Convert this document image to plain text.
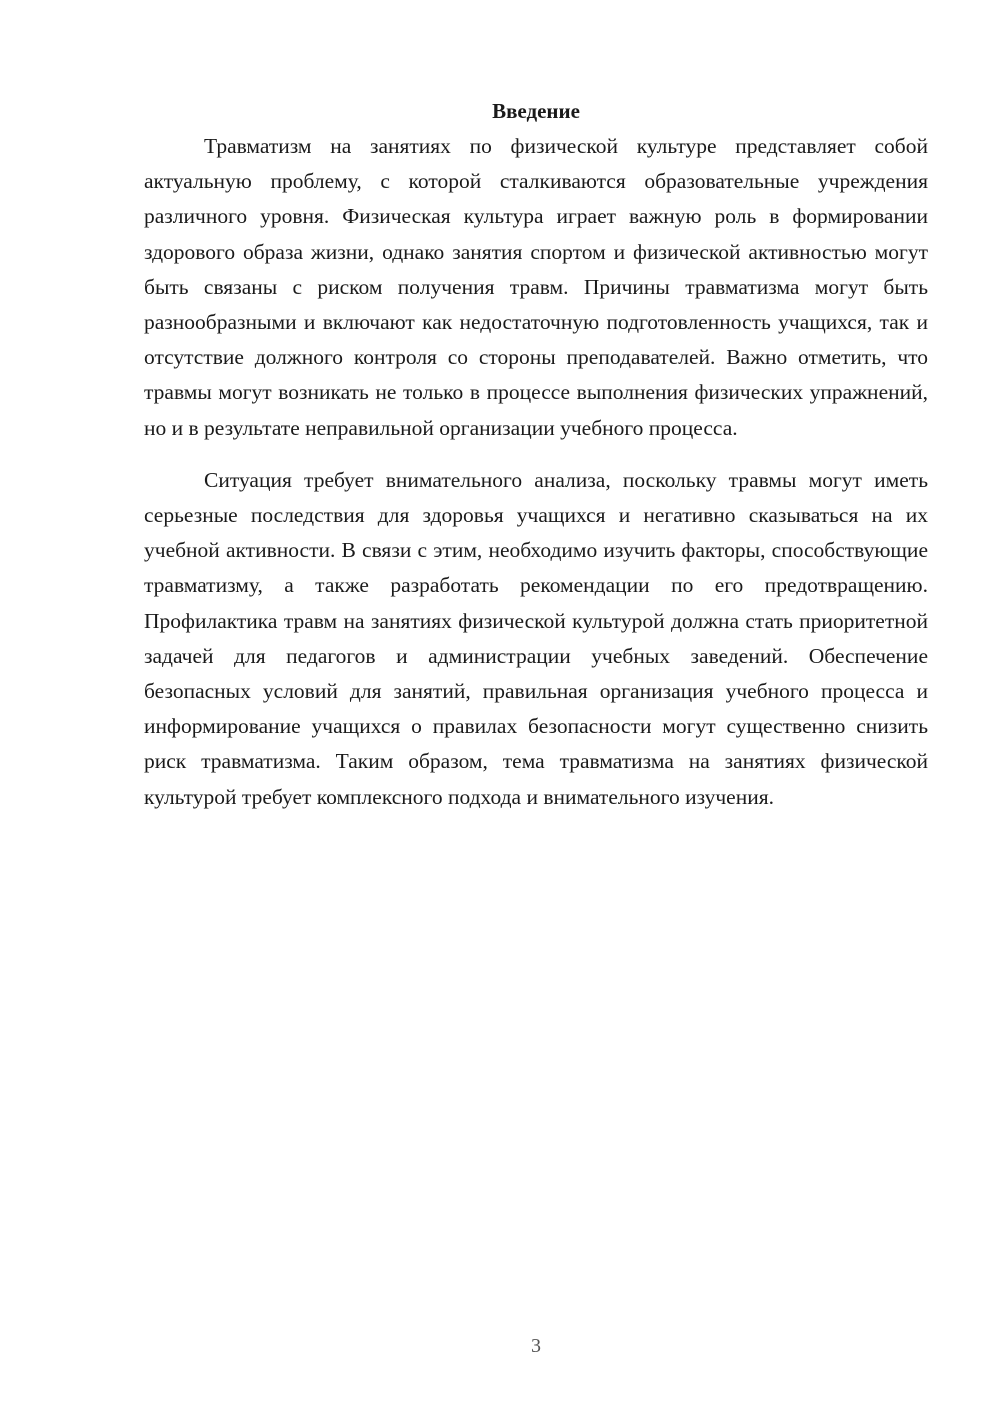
Введение

Травматизм на занятиях по физической культуре представляет собой актуальную проблему, с которой сталкиваются образовательные учреждения различного уровня. Физическая культура играет важную роль в формировании здорового образа жизни, однако занятия спортом и физической активностью могут быть связаны с риском получения травм. Причины травматизма могут быть разнообразными и включают как недостаточную подготовленность учащихся, так и отсутствие должного контроля со стороны преподавателей. Важно отметить, что травмы могут возникать не только в процессе выполнения физических упражнений, но и в результате неправильной организации учебного процесса.

Ситуация требует внимательного анализа, поскольку травмы могут иметь серьезные последствия для здоровья учащихся и негативно сказываться на их учебной активности. В связи с этим, необходимо изучить факторы, способствующие травматизму, а также разработать рекомендации по его предотвращению. Профилактика травм на занятиях физической культурой должна стать приоритетной задачей для педагогов и администрации учебных заведений. Обеспечение безопасных условий для занятий, правильная организация учебного процесса и информирование учащихся о правилах безопасности могут существенно снизить риск травматизма. Таким образом, тема травматизма на занятиях физической культурой требует комплексного подхода и внимательного изучения.

3
